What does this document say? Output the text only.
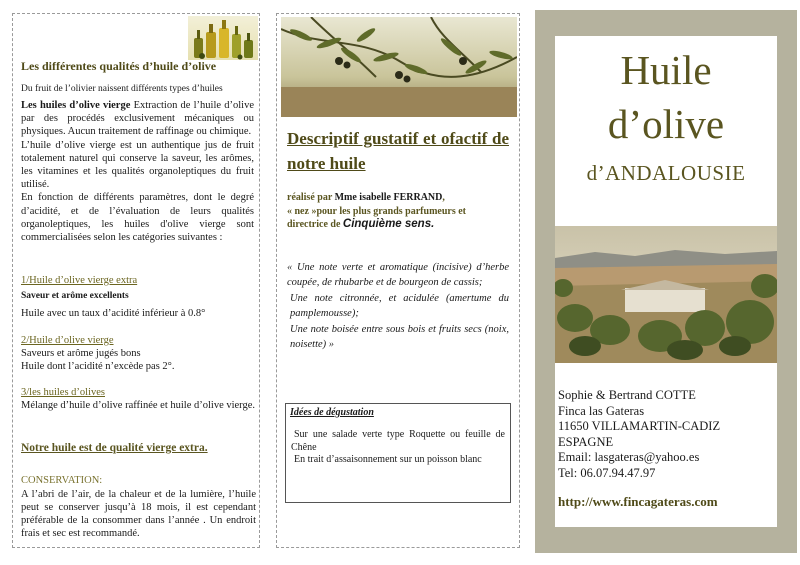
Les différentes qualités d’huile d’olive
Du fruit de l’olivier naissent différents types d’huiles
Les huiles d’olive vierge Extraction de l’huile d’olive par des procédés exclusivement mécaniques ou physiques. Aucun traitement de raffinage ou chimique.
L’huile d’olive vierge est un authentique jus de fruit totalement naturel qui conserve la saveur, les arômes, les vitamines et les qualités organoleptiques du fruit utilisé.
En fonction de différents paramètres, dont le degré d’acidité, et de l’évaluation de leurs qualités organoleptiques, les huiles d'olive vierge sont commercialisées selon les catégories suivantes :
1/Huile d’olive vierge extra
Saveur et arôme excellents
Huile avec un taux d’acidité inférieur à 0.8°
2/Huile d’olive vierge
Saveurs et arôme jugés bons
Huile dont l’acidité n’excède pas 2°.
3/les huiles d’olives
Mélange d’huile d’olive raffinée et huile d’olive vierge.
Notre huile est de qualité vierge extra.
CONSERVATION:
A l’abri de l’air, de la chaleur et de la lumière, l’huile peut se conserver jusqu’à 18 mois, il est cependant préférable de la consommer dans l’année . Un endroit frais et sec est recommandé.
Descriptif gustatif et ofactif de notre huile
réalisé par Mme isabelle FERRAND,
« nez »pour les plus grands parfumeurs et directrice de Cinquième sens.
« Une note verte et aromatique (incisive) d’herbe coupée, de rhubarbe et de bourgeon de cassis;
Une note citronnée, et acidulée (amertume du pamplemousse);
Une note boisée entre sous bois et fruits secs (noix, noisette) »
Idées de dégustation
Sur une salade verte type Roquette ou feuille de Chêne
En trait d’assaisonnement sur un poisson blanc
Huile
d’olive
d’ANDALOUSIE
Sophie & Bertrand COTTE
Finca las Gateras
11650 VILLAMARTIN-CADIZ
ESPAGNE
Email: lasgateras@yahoo.es
Tel: 06.07.94.47.97
http://www.fincagateras.com
